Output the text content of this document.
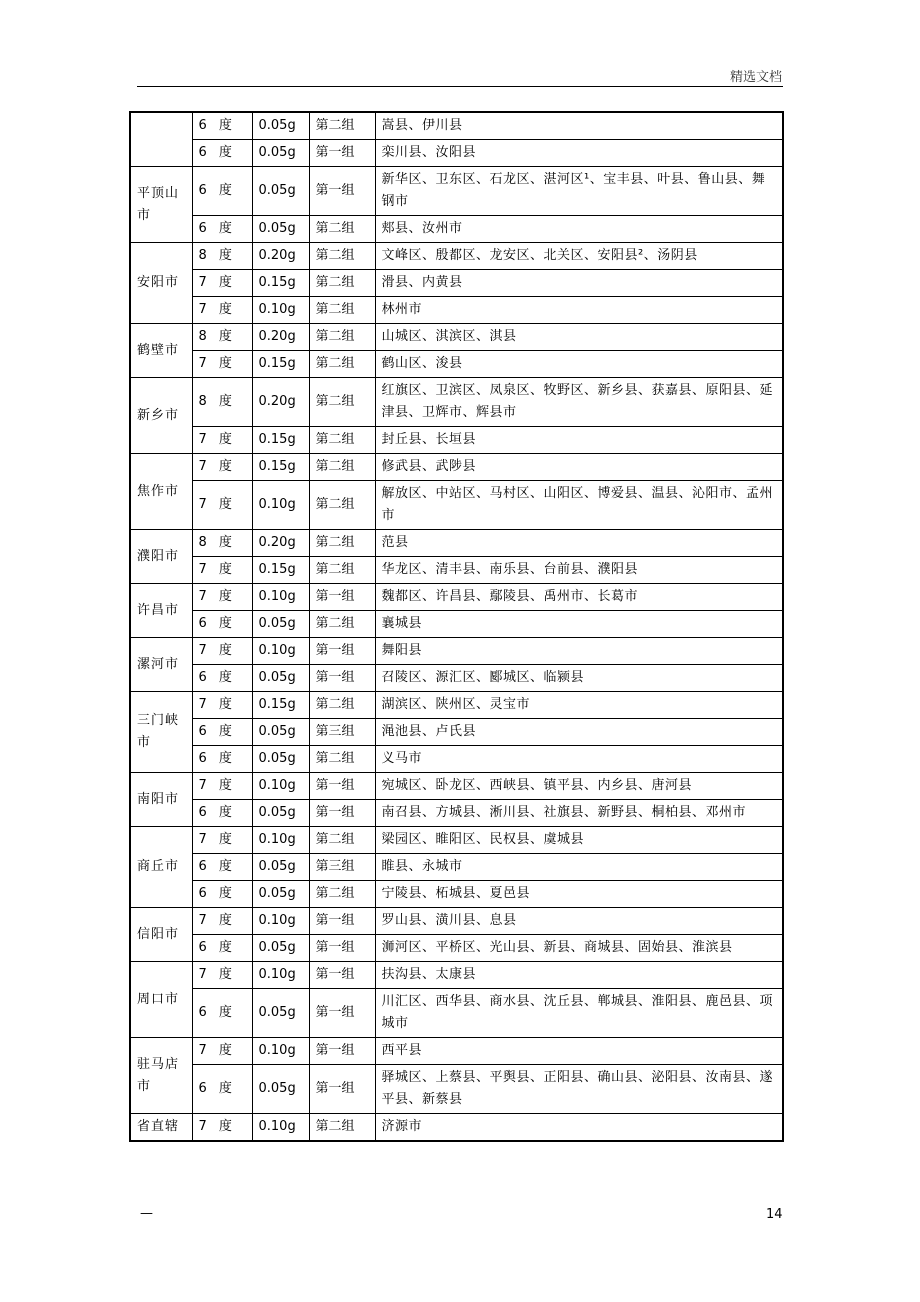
精选文档
	6 度	0.05g	第二组	嵩县、伊川县
	6 度	0.05g	第一组	栾川县、汝阳县
平顶山市	6 度	0.05g	第一组	新华区、卫东区、石龙区、湛河区¹、宝丰县、叶县、鲁山县、舞钢市
	6 度	0.05g	第二组	郏县、汝州市
安阳市	8 度	0.20g	第二组	文峰区、殷都区、龙安区、北关区、安阳县²、汤阴县
	7 度	0.15g	第二组	滑县、内黄县
	7 度	0.10g	第二组	林州市
鹤壁市	8 度	0.20g	第二组	山城区、淇滨区、淇县
	7 度	0.15g	第二组	鹤山区、浚县
新乡市	8 度	0.20g	第二组	红旗区、卫滨区、凤泉区、牧野区、新乡县、获嘉县、原阳县、延津县、卫辉市、辉县市
	7 度	0.15g	第二组	封丘县、长垣县
焦作市	7 度	0.15g	第二组	修武县、武陟县
	7 度	0.10g	第二组	解放区、中站区、马村区、山阳区、博爱县、温县、沁阳市、孟州市
濮阳市	8 度	0.20g	第二组	范县
	7 度	0.15g	第二组	华龙区、清丰县、南乐县、台前县、濮阳县
许昌市	7 度	0.10g	第一组	魏都区、许昌县、鄢陵县、禹州市、长葛市
	6 度	0.05g	第二组	襄城县
漯河市	7 度	0.10g	第一组	舞阳县
	6 度	0.05g	第一组	召陵区、源汇区、郾城区、临颍县
三门峡市	7 度	0.15g	第二组	湖滨区、陕州区、灵宝市
	6 度	0.05g	第三组	渑池县、卢氏县
	6 度	0.05g	第二组	义马市
南阳市	7 度	0.10g	第一组	宛城区、卧龙区、西峡县、镇平县、内乡县、唐河县
	6 度	0.05g	第一组	南召县、方城县、淅川县、社旗县、新野县、桐柏县、邓州市
商丘市	7 度	0.10g	第二组	梁园区、睢阳区、民权县、虞城县
	6 度	0.05g	第三组	睢县、永城市
	6 度	0.05g	第二组	宁陵县、柘城县、夏邑县
信阳市	7 度	0.10g	第一组	罗山县、潢川县、息县
	6 度	0.05g	第一组	浉河区、平桥区、光山县、新县、商城县、固始县、淮滨县
周口市	7 度	0.10g	第一组	扶沟县、太康县
	6 度	0.05g	第一组	川汇区、西华县、商水县、沈丘县、郸城县、淮阳县、鹿邑县、项城市
驻马店市	7 度	0.10g	第一组	西平县
	6 度	0.05g	第一组	驿城区、上蔡县、平舆县、正阳县、确山县、泌阳县、汝南县、遂平县、新蔡县
省直辖	7 度	0.10g	第二组	济源市
—	14
